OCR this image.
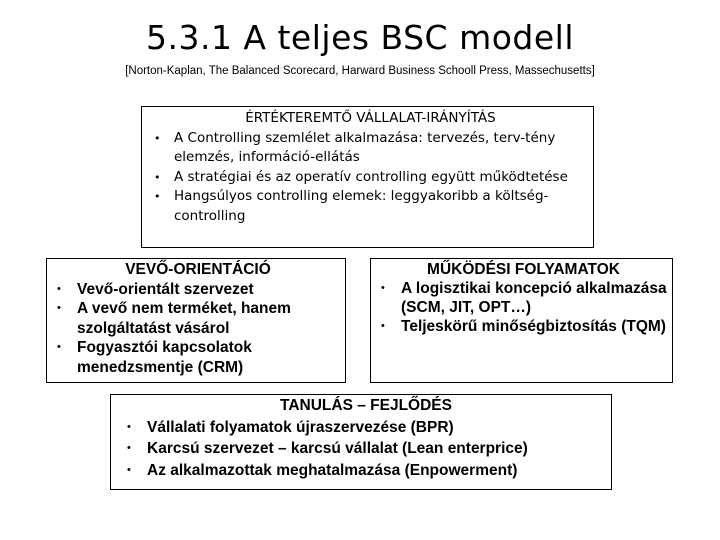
5.3.1 A teljes BSC modell
[Norton-Kaplan, The Balanced Scorecard, Harward Business Schooll Press, Massechusetts]
ÉRTÉKTEREMTŐ VÁLLALAT-IRÁNYÍTÁS
• A Controlling szemlélet alkalmazása: tervezés, terv-tény elemzés, információ-ellátás
• A stratégiai és az operatív controlling együtt működtetése
• Hangsúlyos controlling elemek: leggyakoribb a költség-controlling
VEVŐ-ORIENTÁCIÓ
• Vevő-orientált szervezet
• A vevő nem terméket, hanem szolgáltatást vásárol
• Fogyasztói kapcsolatok menedzsmentje (CRM)
MŰKÖDÉSI FOLYAMATOK
• A logisztikai koncepció alkalmazása (SCM, JIT, OPT…)
• Teljeskörű minőségbiztosítás (TQM)
TANULÁS – FEJLŐDÉS
• Vállalati folyamatok újraszervezése (BPR)
• Karcsú szervezet – karcsú vállalat (Lean enterprice)
• Az alkalmazottak meghatalmazása (Enpowerment)
